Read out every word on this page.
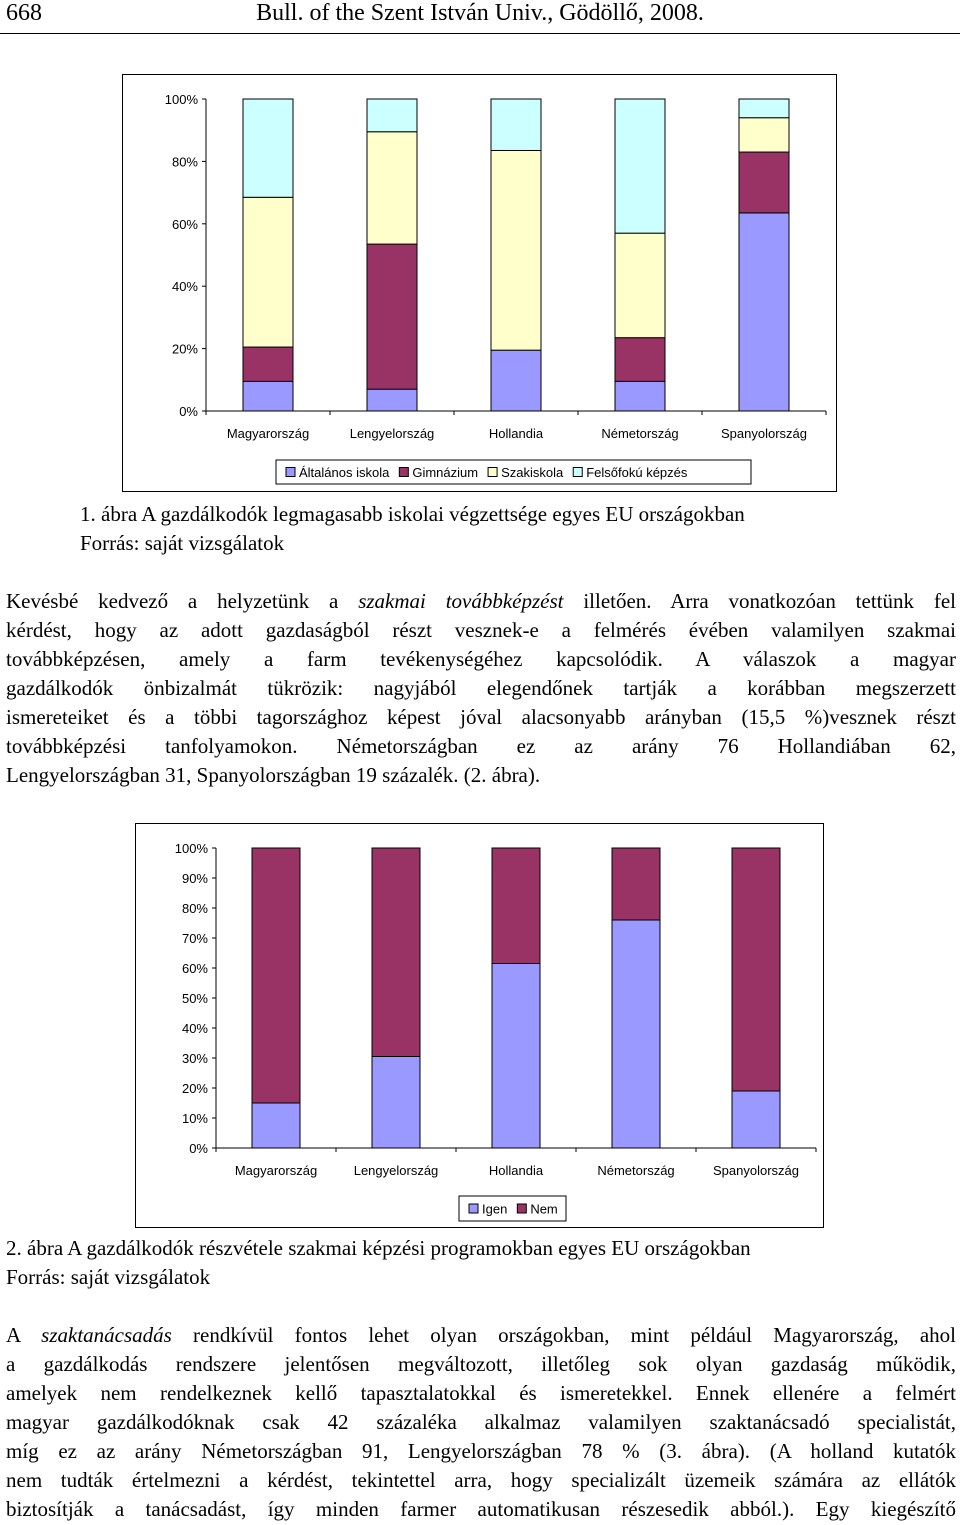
668	Bull. of the Szent István Univ., Gödöllő, 2008.
0%
20%
40%
60%
80%
100%
Magyarország	Lengyelország	Hollandia	Németország	Spanyolország
Általános iskola Gimnázium Szakiskola Felsőfokú képzés
1. ábra A gazdálkodók legmagasabb iskolai végzettsége egyes EU országokban
Forrás: saját vizsgálatok
Kevésbé kedvező a helyzetünk a szakmai továbbképzést illetően. Arra vonatkozóan tettünk fel
kérdést, hogy az adott gazdaságból részt vesznek-e a felmérés évében valamilyen szakmai
továbbképzésen, amely a farm tevékenységéhez kapcsolódik. A válaszok a magyar
gazdálkodók önbizalmát tükrözik: nagyjából elegendőnek tartják a korábban megszerzett
ismereteiket és a többi tagországhoz képest jóval alacsonyabb arányban (15,5 %)vesznek részt
továbbképzési tanfolyamokon. Németországban ez az arány 76 Hollandiában 62,
Lengyelországban 31, Spanyolországban 19 százalék. (2. ábra).
0%
10%
20%
30%
40%
50%
60%
70%
80%
90%
100%
Magyarország	Lengyelország	Hollandia	Németország	Spanyolország
Igen Nem
2. ábra A gazdálkodók részvétele szakmai képzési programokban egyes EU országokban
Forrás: saját vizsgálatok
A szaktanácsadás rendkívül fontos lehet olyan országokban, mint például Magyarország, ahol
a gazdálkodás rendszere jelentősen megváltozott, illetőleg sok olyan gazdaság működik,
amelyek nem rendelkeznek kellő tapasztalatokkal és ismeretekkel. Ennek ellenére a felmért
magyar gazdálkodóknak csak 42 százaléka alkalmaz valamilyen szaktanácsadó specialistát,
míg ez az arány Németországban 91, Lengyelországban 78 % (3. ábra). (A holland kutatók
nem tudták értelmezni a kérdést, tekintettel arra, hogy specializált üzemeik számára az ellátók
biztosítják a tanácsadást, így minden farmer automatikusan részesedik abból.). Egy kiegészítő
